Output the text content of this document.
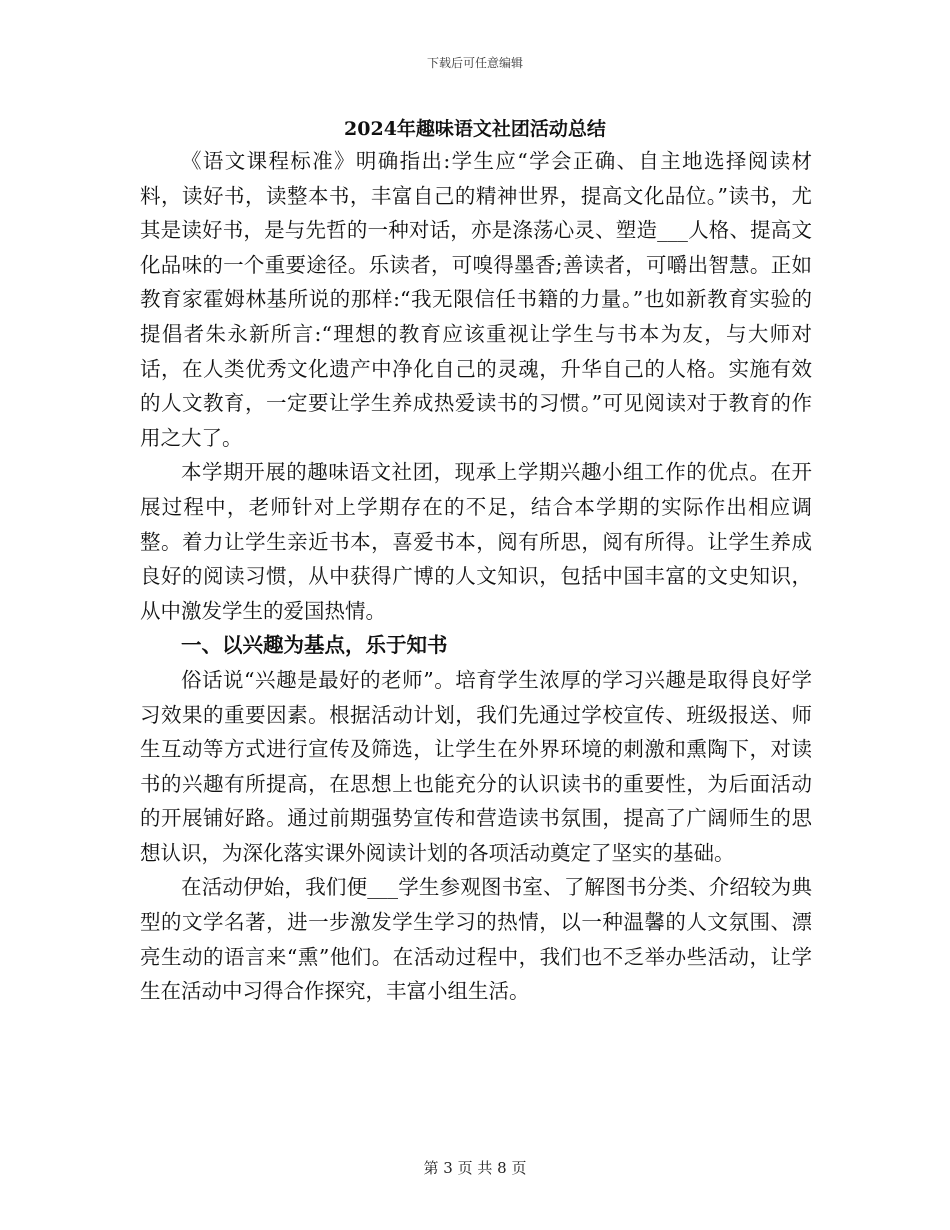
下载后可任意编辑
2024年趣味语文社团活动总结

《语文课程标准》明确指出:学生应“学会正确、自主地选择阅读材料，读好书，读整本书，丰富自己的精神世界，提高文化品位。”读书，尤其是读好书，是与先哲的一种对话，亦是涤荡心灵、塑造___人格、提高文化品味的一个重要途径。乐读者，可嗅得墨香;善读者，可嚼出智慧。正如教育家霍姆林基所说的那样:“我无限信任书籍的力量。”也如新教育实验的提倡者朱永新所言:“理想的教育应该重视让学生与书本为友，与大师对话，在人类优秀文化遗产中净化自己的灵魂，升华自己的人格。实施有效的人文教育，一定要让学生养成热爱读书的习惯。”可见阅读对于教育的作用之大了。

本学期开展的趣味语文社团，现承上学期兴趣小组工作的优点。在开展过程中，老师针对上学期存在的不足，结合本学期的实际作出相应调整。着力让学生亲近书本，喜爱书本，阅有所思，阅有所得。让学生养成良好的阅读习惯，从中获得广博的人文知识，包括中国丰富的文史知识，从中激发学生的爱国热情。

一、以兴趣为基点，乐于知书

俗话说“兴趣是最好的老师”。培育学生浓厚的学习兴趣是取得良好学习效果的重要因素。根据活动计划，我们先通过学校宣传、班级报送、师生互动等方式进行宣传及筛选，让学生在外界环境的刺激和熏陶下，对读书的兴趣有所提高，在思想上也能充分的认识读书的重要性，为后面活动的开展铺好路。通过前期强势宣传和营造读书氛围，提高了广阔师生的思想认识，为深化落实课外阅读计划的各项活动奠定了坚实的基础。

在活动伊始，我们便___学生参观图书室、了解图书分类、介绍较为典型的文学名著，进一步激发学生学习的热情，以一种温馨的人文氛围、漂亮生动的语言来“熏”他们。在活动过程中，我们也不乏举办些活动，让学生在活动中习得合作探究，丰富小组生活。

第 3 页 共 8 页
